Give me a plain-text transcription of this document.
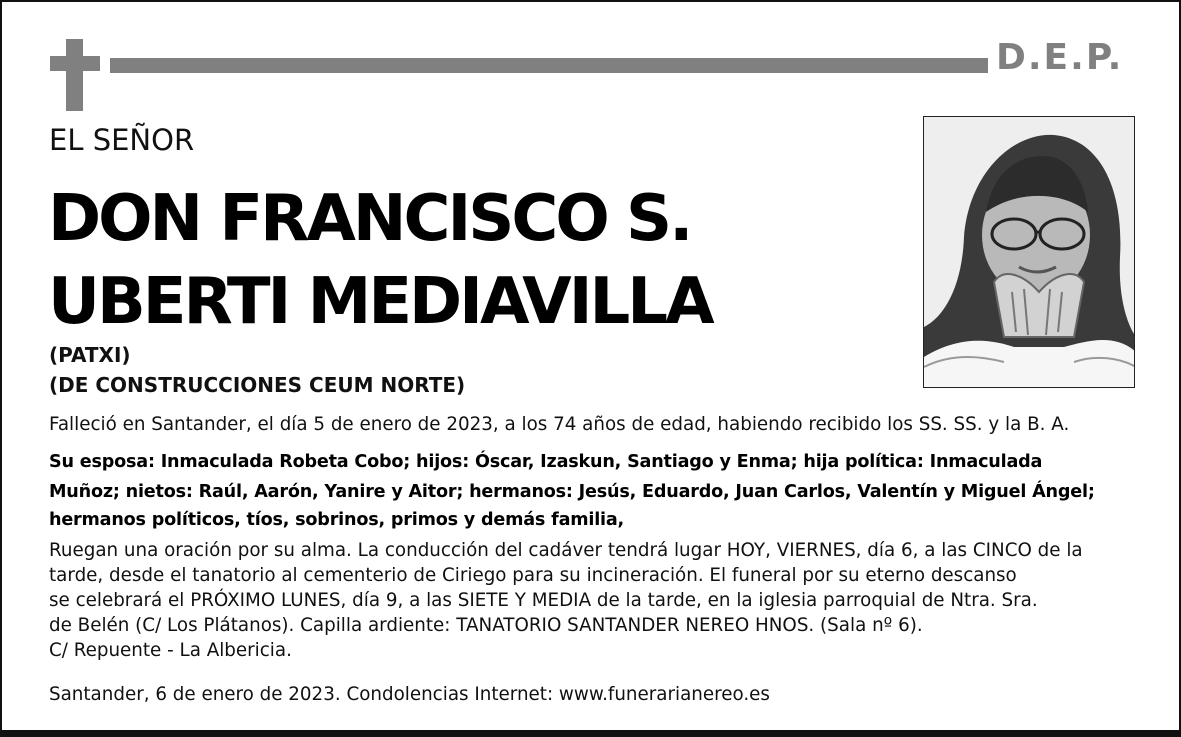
D.E.P.
EL SEÑOR
DON FRANCISCO S.
UBERTI MEDIAVILLA
(PATXI)
(DE CONSTRUCCIONES CEUM NORTE)
Falleció en Santander, el día 5 de enero de 2023, a los 74 años de edad, habiendo recibido los SS. SS. y la B. A.
Su esposa: Inmaculada Robeta Cobo; hijos: Óscar, Izaskun, Santiago y Enma; hija política: Inmaculada
Muñoz; nietos: Raúl, Aarón, Yanire y Aitor; hermanos: Jesús, Eduardo, Juan Carlos, Valentín y Miguel Ángel;
hermanos políticos, tíos, sobrinos, primos y demás familia,
Ruegan una oración por su alma. La conducción del cadáver tendrá lugar HOY, VIERNES, día 6, a las CINCO de la
tarde, desde el tanatorio al cementerio de Ciriego para su incineración. El funeral por su eterno descanso
se celebrará el PRÓXIMO LUNES, día 9, a las SIETE Y MEDIA de la tarde, en la iglesia parroquial de Ntra. Sra.
de Belén (C/ Los Plátanos). Capilla ardiente: TANATORIO SANTANDER NEREO HNOS. (Sala nº 6).
C/ Repuente - La Albericia.
Santander, 6 de enero de 2023. Condolencias Internet: www.funerarianereo.es
